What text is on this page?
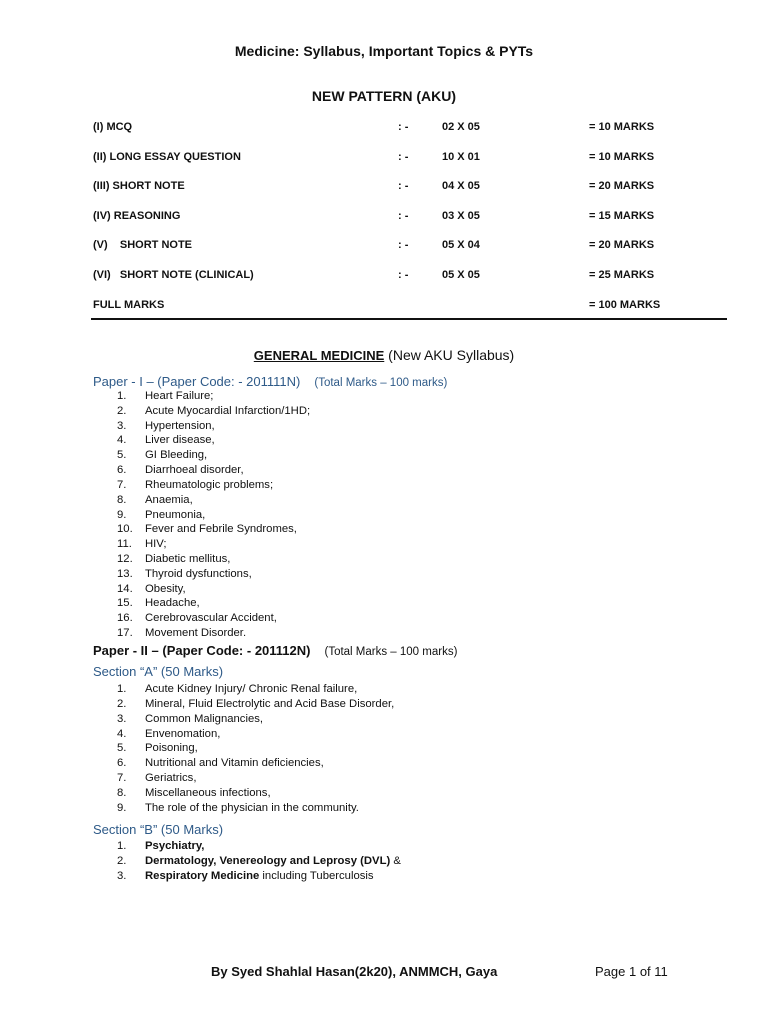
Medicine: Syllabus, Important Topics & PYTs
NEW PATTERN (AKU)
(I) MCQ	: -	02 X 05	= 10 MARKS
(II) LONG ESSAY QUESTION	: -	10 X 01	= 10 MARKS
(III) SHORT NOTE	: -	04 X 05	= 20 MARKS
(IV) REASONING	: -	03 X 05	= 15 MARKS
(V)    SHORT NOTE	: -	05 X 04	= 20 MARKS
(VI)   SHORT NOTE (CLINICAL)	: -	05 X 05	= 25 MARKS
FULL MARKS	= 100 MARKS
GENERAL MEDICINE (New AKU Syllabus)
Paper - I – (Paper Code: - 201111N) (Total Marks – 100 marks)
1. Heart Failure;
2. Acute Myocardial Infarction/1HD;
3. Hypertension,
4. Liver disease,
5. GI Bleeding,
6. Diarrhoeal disorder,
7. Rheumatologic problems;
8. Anaemia,
9. Pneumonia,
10. Fever and Febrile Syndromes,
11. HIV;
12. Diabetic mellitus,
13. Thyroid dysfunctions,
14. Obesity,
15. Headache,
16. Cerebrovascular Accident,
17. Movement Disorder.
Paper - II – (Paper Code: - 201112N) (Total Marks – 100 marks)
Section “A” (50 Marks)
1. Acute Kidney Injury/ Chronic Renal failure,
2. Mineral, Fluid Electrolytic and Acid Base Disorder,
3. Common Malignancies,
4. Envenomation,
5. Poisoning,
6. Nutritional and Vitamin deficiencies,
7. Geriatrics,
8. Miscellaneous infections,
9. The role of the physician in the community.
Section “B” (50 Marks)
1. Psychiatry,
2. Dermatology, Venereology and Leprosy (DVL) &
3. Respiratory Medicine including Tuberculosis
By Syed Shahlal Hasan(2k20), ANMMCH, Gaya	Page 1 of 11
